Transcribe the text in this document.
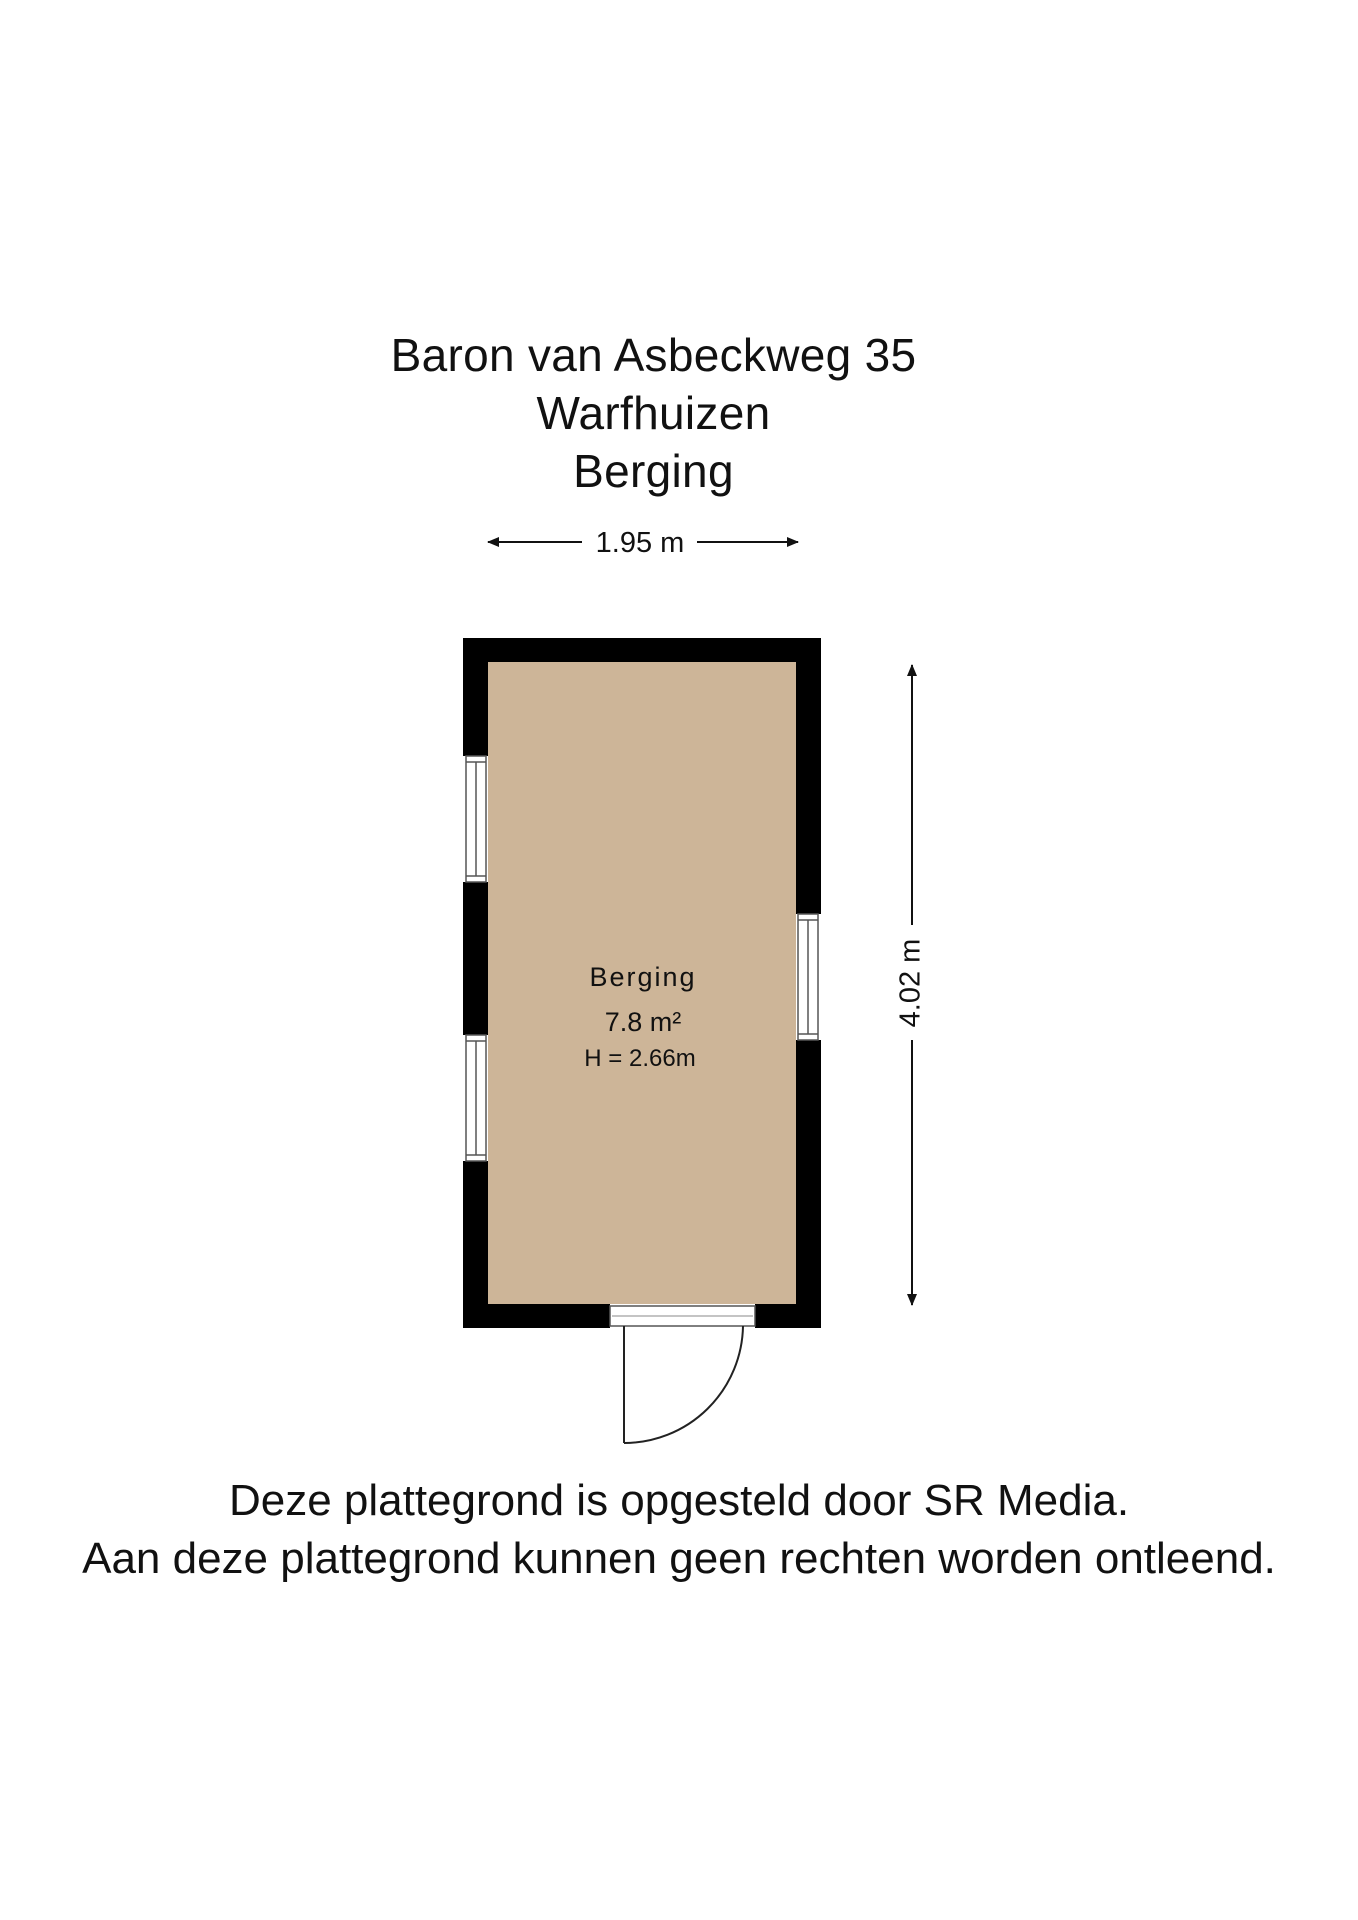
Baron van Asbeckweg 35
Warfhuizen
Berging
1.95 m
4.02 m
Berging
7.8 m²
H = 2.66m
Deze plattegrond is opgesteld door SR Media.
Aan deze plattegrond kunnen geen rechten worden ontleend.
